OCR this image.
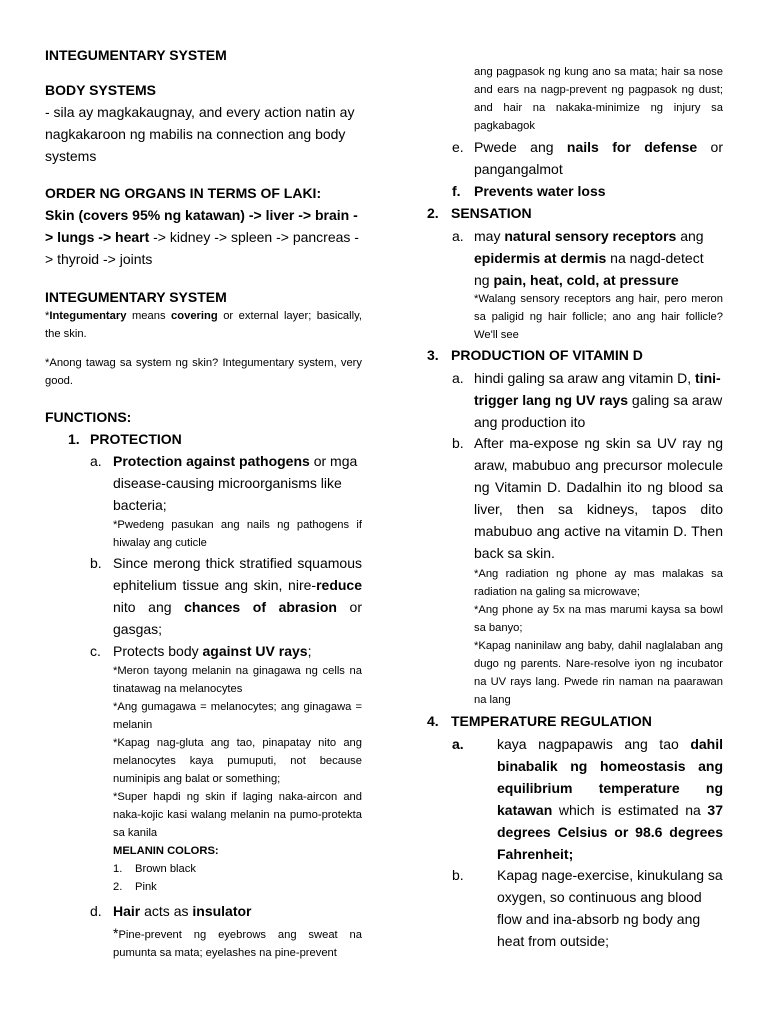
INTEGUMENTARY SYSTEM
BODY SYSTEMS
- sila ay magkakaugnay, and every action natin ay nagkakaroon ng mabilis na connection ang body systems
ORDER NG ORGANS IN TERMS OF LAKI:
Skin (covers 95% ng katawan) -> liver -> brain -> lungs -> heart -> kidney -> spleen -> pancreas -> thyroid -> joints
INTEGUMENTARY SYSTEM
*Integumentary means covering or external layer; basically, the skin.
*Anong tawag sa system ng skin? Integumentary system, very good.
FUNCTIONS:
1. PROTECTION
a. Protection against pathogens or mga disease-causing microorganisms like bacteria;
*Pwedeng pasukan ang nails ng pathogens if hiwalay ang cuticle
b. Since merong thick stratified squamous ephitelium tissue ang skin, nire-reduce nito ang chances of abrasion or gasgas;
c. Protects body against UV rays;
*Meron tayong melanin na ginagawa ng cells na tinatawag na melanocytes
*Ang gumagawa = melanocytes; ang ginagawa = melanin
*Kapag nag-gluta ang tao, pinapatay nito ang melanocytes kaya pumuputi, not because numinipis ang balat or something;
*Super hapdi ng skin if laging naka-aircon and naka-kojic kasi walang melanin na pumo-protekta sa kanila
MELANIN COLORS:
1. Brown black
2. Pink
d. Hair acts as insulator
*Pine-prevent ng eyebrows ang sweat na pumunta sa mata; eyelashes na pine-prevent
ang pagpasok ng kung ano sa mata; hair sa nose and ears na nagp-prevent ng pagpasok ng dust; and hair na nakaka-minimize ng injury sa pagkabagok
e. Pwede ang nails for defense or pangangalmot
f. Prevents water loss
2. SENSATION
a. may natural sensory receptors ang epidermis at dermis na nagd-detect ng pain, heat, cold, at pressure
*Walang sensory receptors ang hair, pero meron sa paligid ng hair follicle; ano ang hair follicle? We'll see
3. PRODUCTION OF VITAMIN D
a. hindi galing sa araw ang vitamin D, tini-trigger lang ng UV rays galing sa araw ang production ito
b. After ma-expose ng skin sa UV ray ng araw, mabubuo ang precursor molecule ng Vitamin D. Dadalhin ito ng blood sa liver, then sa kidneys, tapos dito mabubuo ang active na vitamin D. Then back sa skin.
*Ang radiation ng phone ay mas malakas sa radiation na galing sa microwave;
*Ang phone ay 5x na mas marumi kaysa sa bowl sa banyo;
*Kapag naninilaw ang baby, dahil naglalaban ang dugo ng parents. Nare-resolve iyon ng incubator na UV rays lang. Pwede rin naman na paarawan na lang
4. TEMPERATURE REGULATION
a. kaya nagpapawis ang tao dahil binabalik ng homeostasis ang equilibrium temperature ng katawan which is estimated na 37 degrees Celsius or 98.6 degrees Fahrenheit;
b. Kapag nage-exercise, kinukulang sa oxygen, so continuous ang blood flow and ina-absorb ng body ang heat from outside;
